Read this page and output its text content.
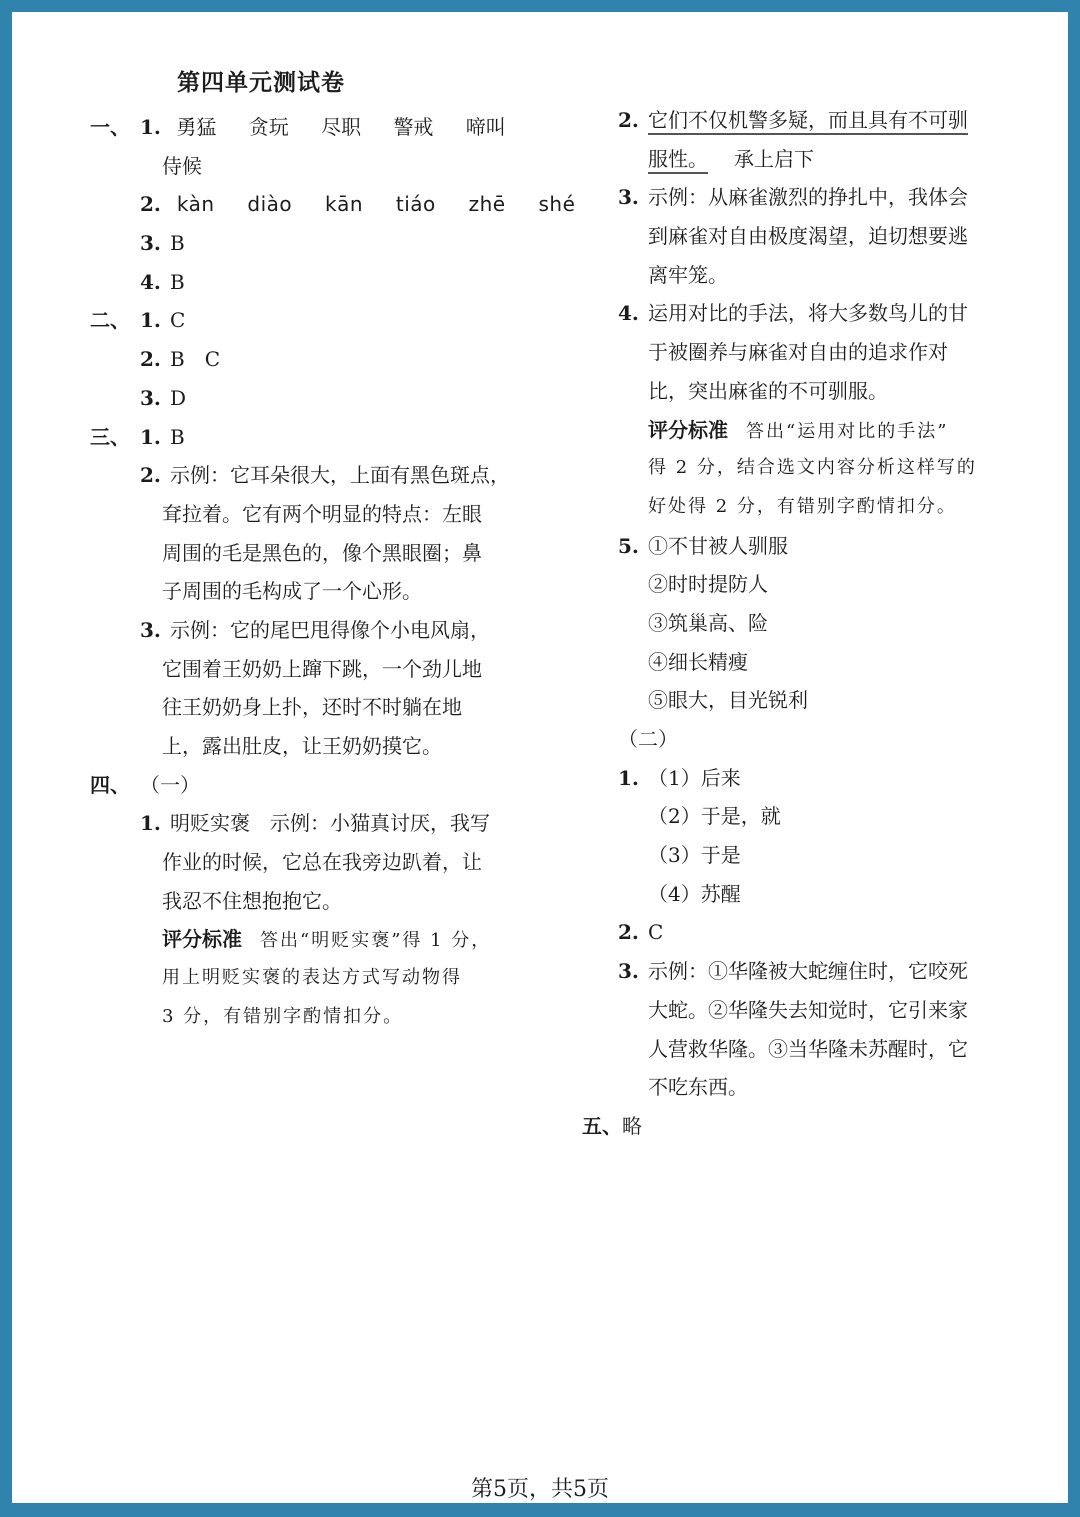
第四单元测试卷
一、 1. 勇猛 贪玩 尽职 警戒 啼叫
侍候
2. kàn diào kān tiáo zhē shé
3. B
4. B
二、 1. C
2. B　C
3. D
三、 1. B
2. 示例：它耳朵很大，上面有黑色斑点，
耷拉着。它有两个明显的特点：左眼
周围的毛是黑色的，像个黑眼圈；鼻
子周围的毛构成了一个心形。
3. 示例：它的尾巴甩得像个小电风扇，
它围着王奶奶上蹿下跳，一个劲儿地
往王奶奶身上扑，还时不时躺在地
上，露出肚皮，让王奶奶摸它。
四、 （一）
1. 明贬实褒　示例：小猫真讨厌，我写
作业的时候，它总在我旁边趴着，让
我忍不住想抱抱它。
评分标准 答出“明贬实褒”得 1 分，
用上明贬实褒的表达方式写动物得
3 分，有错别字酌情扣分。
2. 它们不仅机警多疑，而且具有不可驯
服性。 承上启下
3. 示例：从麻雀激烈的挣扎中，我体会
到麻雀对自由极度渴望，迫切想要逃
离牢笼。
4. 运用对比的手法，将大多数鸟儿的甘
于被圈养与麻雀对自由的追求作对
比，突出麻雀的不可驯服。
评分标准 答出“运用对比的手法”
得 2 分，结合选文内容分析这样写的
好处得 2 分，有错别字酌情扣分。
5. ①不甘被人驯服
②时时提防人
③筑巢高、险
④细长精瘦
⑤眼大，目光锐利
（二）
1. （1）后来
（2）于是，就
（3）于是
（4）苏醒
2. C
3. 示例：①华隆被大蛇缠住时，它咬死
大蛇。②华隆失去知觉时，它引来家
人营救华隆。③当华隆未苏醒时，它
不吃东西。
五、略
第5页，共5页
